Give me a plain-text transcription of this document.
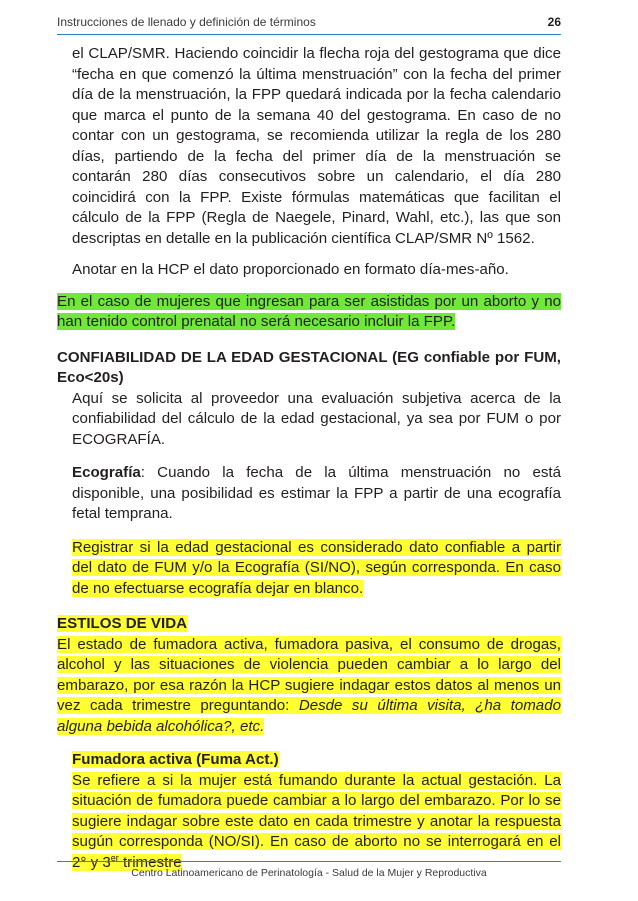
Instrucciones de llenado y definición de términos	26

el CLAP/SMR. Haciendo coincidir la flecha roja del gestograma que dice “fecha en que comenzó la última menstruación” con la fecha del primer día de la menstruación, la FPP quedará indicada por la fecha calendario que marca el punto de la semana 40 del gestograma. En caso de no contar con un gestograma, se recomienda utilizar la regla de los 280 días, partiendo de la fecha del primer día de la menstruación se contarán 280 días consecutivos sobre un calendario, el día 280 coincidirá con la FPP. Existe fórmulas matemáticas que facilitan el cálculo de la FPP (Regla de Naegele, Pinard, Wahl, etc.), las que son descriptas en detalle en la publicación científica CLAP/SMR Nº 1562.

Anotar en la HCP el dato proporcionado en formato día-mes-año.

En el caso de mujeres que ingresan para ser asistidas por un aborto y no han tenido control prenatal no será necesario incluir la FPP.

CONFIABILIDAD DE LA EDAD GESTACIONAL (EG confiable por FUM, Eco<20s)

Aquí se solicita al proveedor una evaluación subjetiva acerca de la confiabilidad del cálculo de la edad gestacional, ya sea por FUM o por ECOGRAFÍA.

Ecografía: Cuando la fecha de la última menstruación no está disponible, una posibilidad es estimar la FPP a partir de una ecografía fetal temprana.

Registrar si la edad gestacional es considerado dato confiable a partir del dato de FUM y/o la Ecografía (SI/NO), según corresponda. En caso de no efectuarse ecografía dejar en blanco.

ESTILOS DE VIDA

El estado de fumadora activa, fumadora pasiva, el consumo de drogas, alcohol y las situaciones de violencia pueden cambiar a lo largo del embarazo, por esa razón la HCP sugiere indagar estos datos al menos un vez cada trimestre preguntando: Desde su última visita, ¿ha tomado alguna bebida alcohólica?, etc.

Fumadora activa (Fuma Act.)

Se refiere a si la mujer está fumando durante la actual gestación. La situación de fumadora puede cambiar a lo largo del embarazo. Por lo se sugiere indagar sobre este dato en cada trimestre y anotar la respuesta sugún corresponda (NO/SI). En caso de aborto no se interrogará en el 2° y 3er trimestre

Centro Latinoamericano de Perinatología - Salud de la Mujer y Reproductiva
